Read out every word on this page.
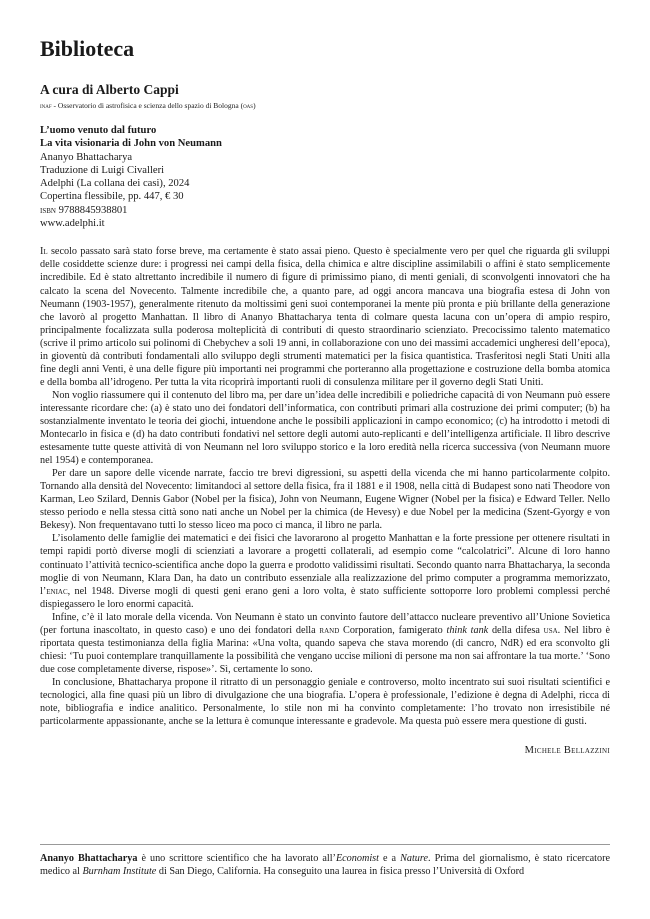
Biblioteca
A cura di Alberto Cappi
inaf - Osservatorio di astrofisica e scienza dello spazio di Bologna (oas)
L’uomo venuto dal futuro
La vita visionaria di John von Neumann
Ananyo Bhattacharya
Traduzione di Luigi Civalleri
Adelphi (La collana dei casi), 2024
Copertina flessibile, pp. 447, € 30
isbn 9788845938801
www.adelphi.it

Il secolo passato sarà stato forse breve, ma certamente è stato assai pieno. Questo è specialmente vero per quel che riguarda gli sviluppi delle cosiddette scienze dure: i progressi nei campi della fisica, della chimica e altre discipline assimilabili o affini è stato semplicemente incredibile. Ed è stato altrettanto incredibile il numero di figure di primissimo piano, di menti geniali, di sconvolgenti innovatori che ha calcato la scena del Novecento. Talmente incredibile che, a quanto pare, ad oggi ancora mancava una biografia estesa di John von Neumann (1903-1957), generalmente ritenuto da moltissimi geni suoi contemporanei la mente più pronta e più brillante della generazione che lavorò al progetto Manhattan. Il libro di Ananyo Bhattacharya tenta di colmare questa lacuna con un’opera di ampio respiro, principalmente focalizzata sulla poderosa molteplicità di contributi di questo straordinario scienziato. Precocissimo talento matematico (scrive il primo articolo sui polinomi di Chebychev a soli 19 anni, in collaborazione con uno dei massimi accademici ungheresi dell’epoca), in gioventù dà contributi fondamentali allo sviluppo degli strumenti matematici per la fisica quantistica. Trasferitosi negli Stati Uniti alla fine degli anni Venti, è una delle figure più importanti nei programmi che porteranno alla progettazione e costruzione della bomba atomica e della bomba all’idrogeno. Per tutta la vita ricoprirà importanti ruoli di consulenza militare per il governo degli Stati Uniti.

Non voglio riassumere qui il contenuto del libro ma, per dare un’idea delle incredibili e poliedriche capacità di von Neumann può essere interessante ricordare che: (a) è stato uno dei fondatori dell’informatica, con contributi primari alla costruzione dei primi computer; (b) ha sostanzialmente inventato le teoria dei giochi, intuendone anche le possibili applicazioni in campo economico; (c) ha introdotto i metodi di Montecarlo in fisica e (d) ha dato contributi fondativi nel settore degli automi auto-replicanti e dell’intelligenza artificiale. Il libro descrive estesamente tutte queste attività di von Neumann nel loro sviluppo storico e la loro eredità nella ricerca successiva (von Neumann muore nel 1954) e contemporanea.

Per dare un sapore delle vicende narrate, faccio tre brevi digressioni, su aspetti della vicenda che mi hanno particolarmente colpito. Tornando alla densità del Novecento: limitandoci al settore della fisica, fra il 1881 e il 1908, nella città di Budapest sono nati Theodore von Karman, Leo Szilard, Dennis Gabor (Nobel per la fisica), John von Neumann, Eugene Wigner (Nobel per la fisica) e Edward Teller. Nello stesso periodo e nella stessa città sono nati anche un Nobel per la chimica (de Hevesy) e due Nobel per la medicina (Szent-Gyorgy e von Bekesy). Non frequentavano tutti lo stesso liceo ma poco ci manca, il libro ne parla.

L’isolamento delle famiglie dei matematici e dei fisici che lavorarono al progetto Manhattan e la forte pressione per ottenere risultati in tempi rapidi portò diverse mogli di scienziati a lavorare a progetti collaterali, ad esempio come “calcolatrici”. Alcune di loro hanno continuato l’attività tecnico-scientifica anche dopo la guerra e prodotto validissimi risultati. Secondo quanto narra Bhattacharya, la seconda moglie di von Neumann, Klara Dan, ha dato un contributo essenziale alla realizzazione del primo computer a programma memorizzato, l’eniac, nel 1948. Diverse mogli di questi geni erano geni a loro volta, è stato sufficiente sottoporre loro problemi complessi perché dispiegassero le loro enormi capacità.

Infine, c’è il lato morale della vicenda. Von Neumann è stato un convinto fautore dell’attacco nucleare preventivo all’Unione Sovietica (per fortuna inascoltato, in questo caso) e uno dei fondatori della rand Corporation, famigerato think tank della difesa usa. Nel libro è riportata questa testimonianza della figlia Marina: «Una volta, quando sapeva che stava morendo (di cancro, NdR) ed era sconvolto gli chiesi: ‘Tu puoi contemplare tranquillamente la possibilità che vengano uccise milioni di persone ma non sai affrontare la tua morte.’ ‘Sono due cose completamente diverse, rispose»’. Sì, certamente lo sono.

In conclusione, Bhattacharya propone il ritratto di un personaggio geniale e controverso, molto incentrato sui suoi risultati scientifici e tecnologici, alla fine quasi più un libro di divulgazione che una biografia. L’opera è professionale, l’edizione è degna di Adelphi, ricca di note, bibliografia e indice analitico. Personalmente, lo stile non mi ha convinto completamente: l’ho trovato non irresistibile né particolarmente appassionante, anche se la lettura è comunque interessante e gradevole. Ma questa può essere mera questione di gusti.

Michele Bellazzini
Ananyo Bhattacharya è uno scrittore scientifico che ha lavorato all’Economist e a Nature. Prima del giornalismo, è stato ricercatore medico al Burnham Institute di San Diego, California. Ha conseguito una laurea in fisica presso l’Università di Oxford
